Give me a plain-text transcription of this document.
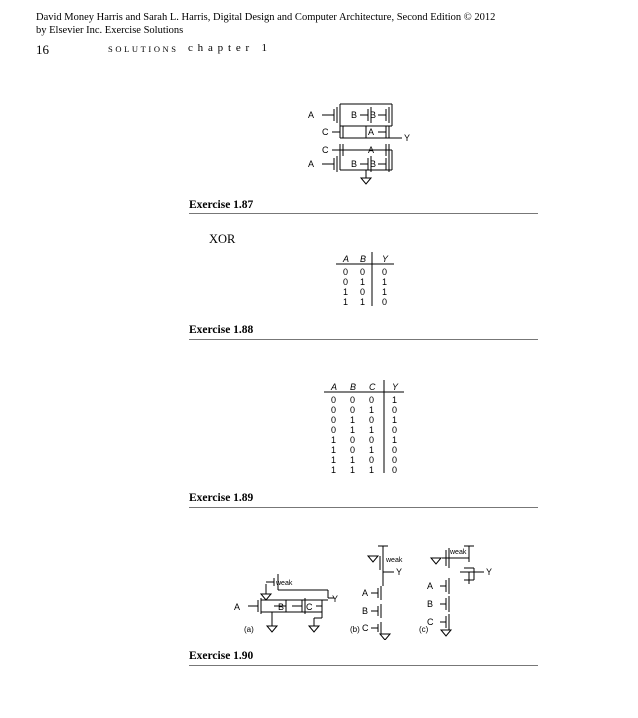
David Money Harris and Sarah L. Harris, Digital Design and Computer Architecture, Second Edition © 2012
by Elsevier Inc. Exercise Solutions
16	SOLUTIONS chapter 1
A	B B
C	A
Y
C	A
A	B B
Exercise 1.87
XOR
A B Y
0 0 0
0 1 1
1 0 1
1 1 0
Exercise 1.88
A B C Y
0 0 0 1
0 0 1 0
0 1 0 1
0 1 1 0
1 0 0 1
1 0 1 0
1 1 0 0
1 1 1 0
Exercise 1.89
weak
A	B C
Y
(a)
weak
Y
A
B
C
(b)
weak
Y
A
B
C
(c)
Exercise 1.90
